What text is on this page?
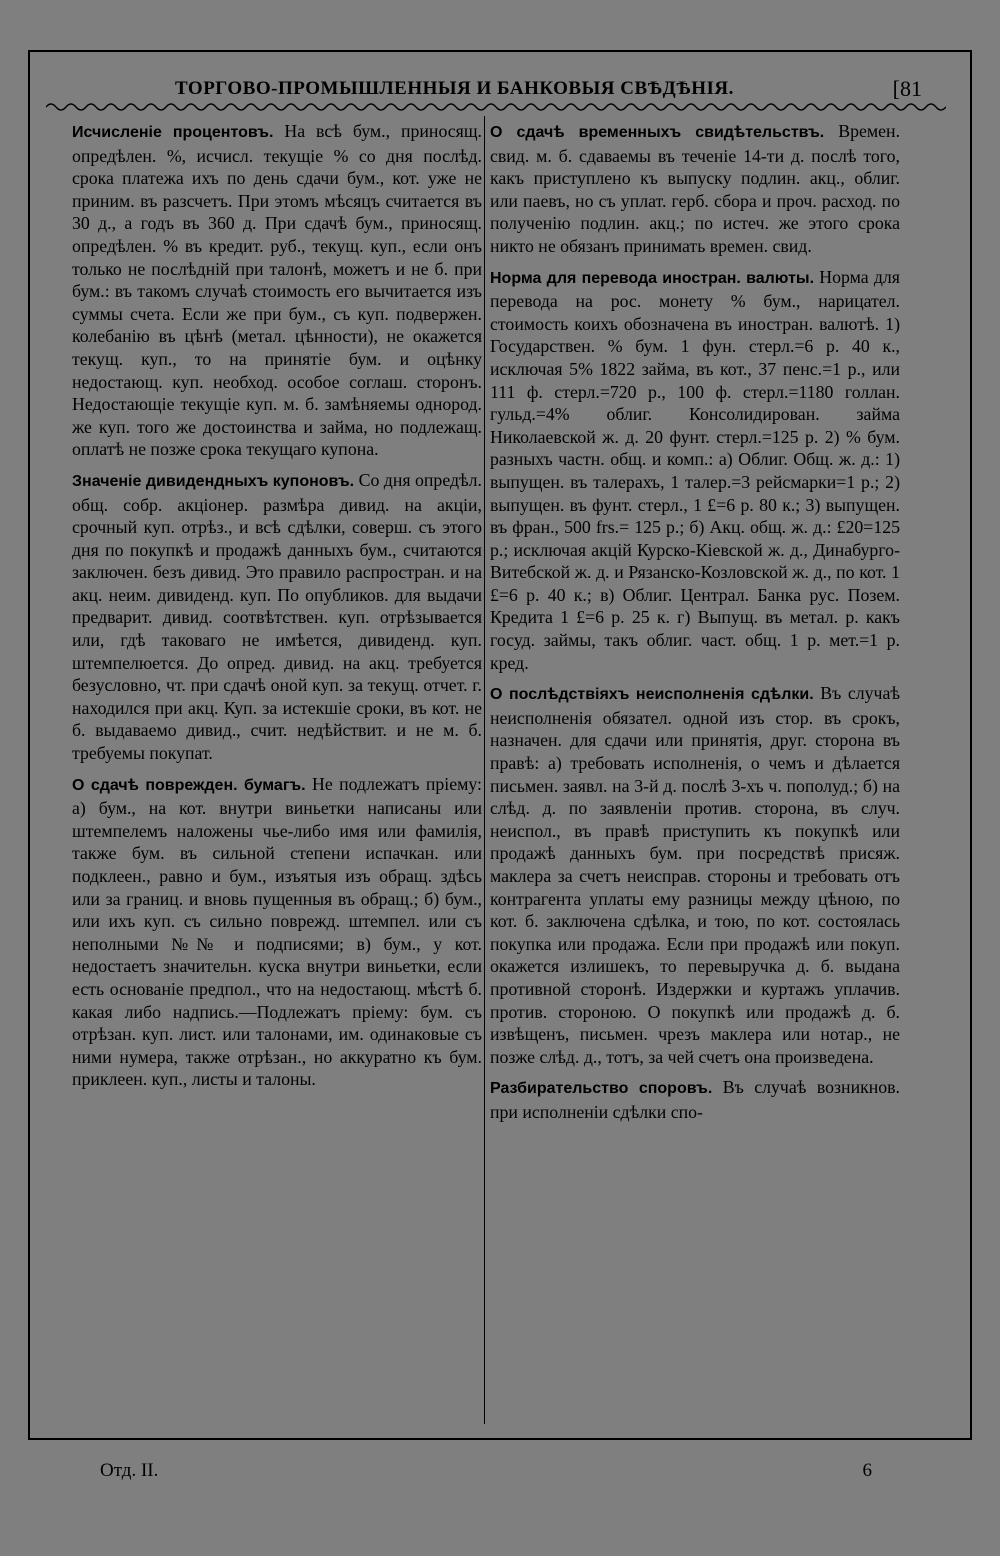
ТОРГОВО-ПРОМЫШЛЕННЫЯ И БАНКОВЫЯ СВѢДѢНІЯ.	[81

Исчисленіе процентовъ. На всѣ бум., приносящ. опредѣлен. %, исчисл. текущіе % со дня послѣд. срока платежа ихъ по день сдачи бум., кот. уже не приним. въ разсчетъ. При этомъ мѣсяцъ считается въ 30 д., а годъ въ 360 д. При сдачѣ бум., приносящ. опредѣлен. % въ кредит. руб., текущ. куп., если онъ только не послѣдній при талонѣ, можетъ и не б. при бум.: въ такомъ случаѣ стоимость его вычитается изъ суммы счета. Если же при бум., съ куп. подвержен. колебанію въ цѣнѣ (метал. цѣнности), не окажется текущ. куп., то на принятіе бум. и оцѣнку недостающ. куп. необход. особое соглаш. сторонъ. Недостающіе текущіе куп. м. б. замѣняемы однород. же куп. того же достоинства и займа, но подлежащ. оплатѣ не позже срока текущаго купона.

Значеніе дивидендныхъ купоновъ. Со дня опредѣл. общ. собр. акціонер. размѣра дивид. на акціи, срочный куп. отрѣз., и всѣ сдѣлки, соверш. съ этого дня по покупкѣ и продажѣ данныхъ бум., считаются заключен. безъ дивид. Это правило распростран. и на акц. неим. дивиденд. куп. По опубликов. для выдачи предварит. дивид. соотвѣтствен. куп. отрѣзывается или, гдѣ таковаго не имѣется, дивиденд. куп. штемпелюется. До опред. дивид. на акц. требуется безусловно, чт. при сдачѣ оной куп. за текущ. отчет. г. находился при акц. Куп. за истекшіе сроки, въ кот. не б. выдаваемо дивид., счит. недѣйствит. и не м. б. требуемы покупат.

О сдачѣ поврежден. бумагъ. Не подлежатъ пріему: а) бум., на кот. внутри виньетки написаны или штемпелемъ наложены чье-либо имя или фамилія, также бум. въ сильной степени испачкан. или подклеен., равно и бум., изъятыя изъ обращ. здѣсь или за границ. и вновь пущенныя въ обращ.; б) бум., или ихъ куп. съ сильно поврежд. штемпел. или съ неполными №№ и подписями; в) бум., у кот. недостаетъ значительн. куска внутри виньетки, если есть основаніе предпол., что на недостающ. мѣстѣ б. какая либо надпись.—Подлежатъ пріему: бум. съ отрѣзан. куп. лист. или талонами, им. одинаковые съ ними нумера, также отрѣзан., но аккуратно къ бум. приклеен. куп., листы и талоны.

О сдачѣ временныхъ свидѣтельствъ. Времен. свид. м. б. сдаваемы въ теченіе 14-ти д. послѣ того, какъ приступлено къ выпуску подлин. акц., облиг. или паевъ, но съ уплат. герб. сбора и проч. расход. по полученію подлин. акц.; по истеч. же этого срока никто не обязанъ принимать времен. свид.

Норма для перевода иностран. валюты. Норма для перевода на рос. монету % бум., нарицател. стоимость коихъ обозначена въ иностран. валютѣ. 1) Государствен. % бум. 1 фун. стерл.=6 р. 40 к., исключая 5% 1822 займа, въ кот., 37 пенс.=1 р., или 111 ф. стерл.=720 р., 100 ф. стерл.=1180 голлан. гульд.=4% облиг. Консолидирован. займа Николаевской ж. д. 20 фунт. стерл.=125 р. 2) % бум. разныхъ частн. общ. и комп.: а) Облиг. Общ. ж. д.: 1) выпущен. въ талерахъ, 1 талер.=3 рейсмарки=1 р.; 2) выпущен. въ фунт. стерл., 1 £=6 р. 80 к.; 3) выпущен. въ фран., 500 frs.= 125 р.; б) Акц. общ. ж. д.: £20=125 р.; исключая акцій Курско-Кіевской ж. д., Динабурго-Витебской ж. д. и Рязанско-Козловской ж. д., по кот. 1 £=6 р. 40 к.; в) Облиг. Централ. Банка рус. Позем. Кредита 1 £=6 р. 25 к. г) Выпущ. въ метал. р. какъ госуд. займы, такъ облиг. част. общ. 1 р. мет.=1 р. кред.

О послѣдствіяхъ неисполненія сдѣлки. Въ случаѣ неисполненія обязател. одной изъ стор. въ срокъ, назначен. для сдачи или принятія, друг. сторона въ правѣ: а) требовать исполненія, о чемъ и дѣлается письмен. заявл. на 3-й д. послѣ 3-хъ ч. пополуд.; б) на слѣд. д. по заявленіи против. сторона, въ случ. неиспол., въ правѣ приступить къ покупкѣ или продажѣ данныхъ бум. при посредствѣ присяж. маклера за счетъ неисправ. стороны и требовать отъ контрагента уплаты ему разницы между цѣною, по кот. б. заключена сдѣлка, и тою, по кот. состоялась покупка или продажа. Если при продажѣ или покуп. окажется излишекъ, то перевыручка д. б. выдана противной сторонѣ. Издержки и куртажъ уплачив. против. стороною. О покупкѣ или продажѣ д. б. извѣщенъ, письмен. чрезъ маклера или нотар., не позже слѣд. д., тотъ, за чей счетъ она произведена.

Разбирательство споровъ. Въ случаѣ возникнов. при исполненіи сдѣлки спо-

Отд. II.	6
